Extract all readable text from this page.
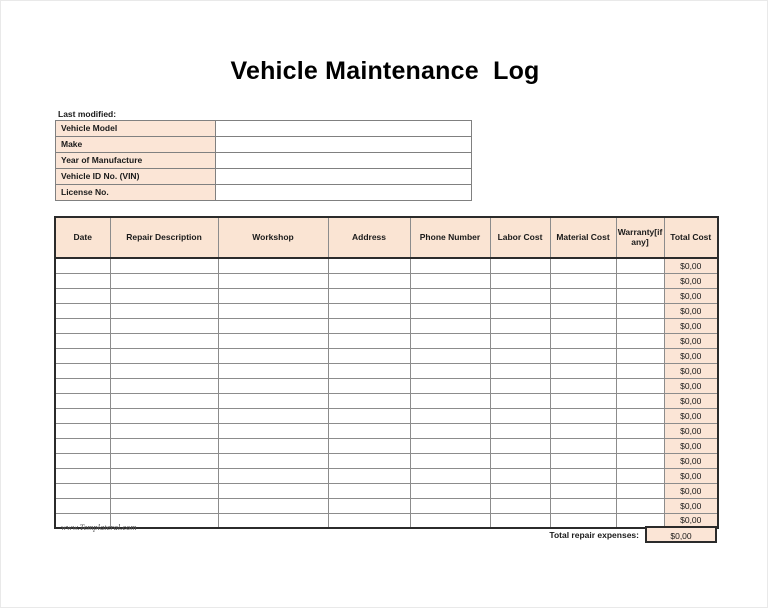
Vehicle Maintenance  Log
Last modified:
Vehicle Model	
Make	
Year of Manufacture	
Vehicle ID No. (VIN)	
License No.	
Date	Repair Description	Workshop	Address	Phone Number	Labor Cost	Material Cost	Warranty[if any]	Total Cost
								$0,00
								$0,00
								$0,00
								$0,00
								$0,00
								$0,00
								$0,00
								$0,00
								$0,00
								$0,00
								$0,00
								$0,00
								$0,00
								$0,00
								$0,00
								$0,00
								$0,00
								$0,00
www.Templateral.com
Total repair expenses:	$0,00
